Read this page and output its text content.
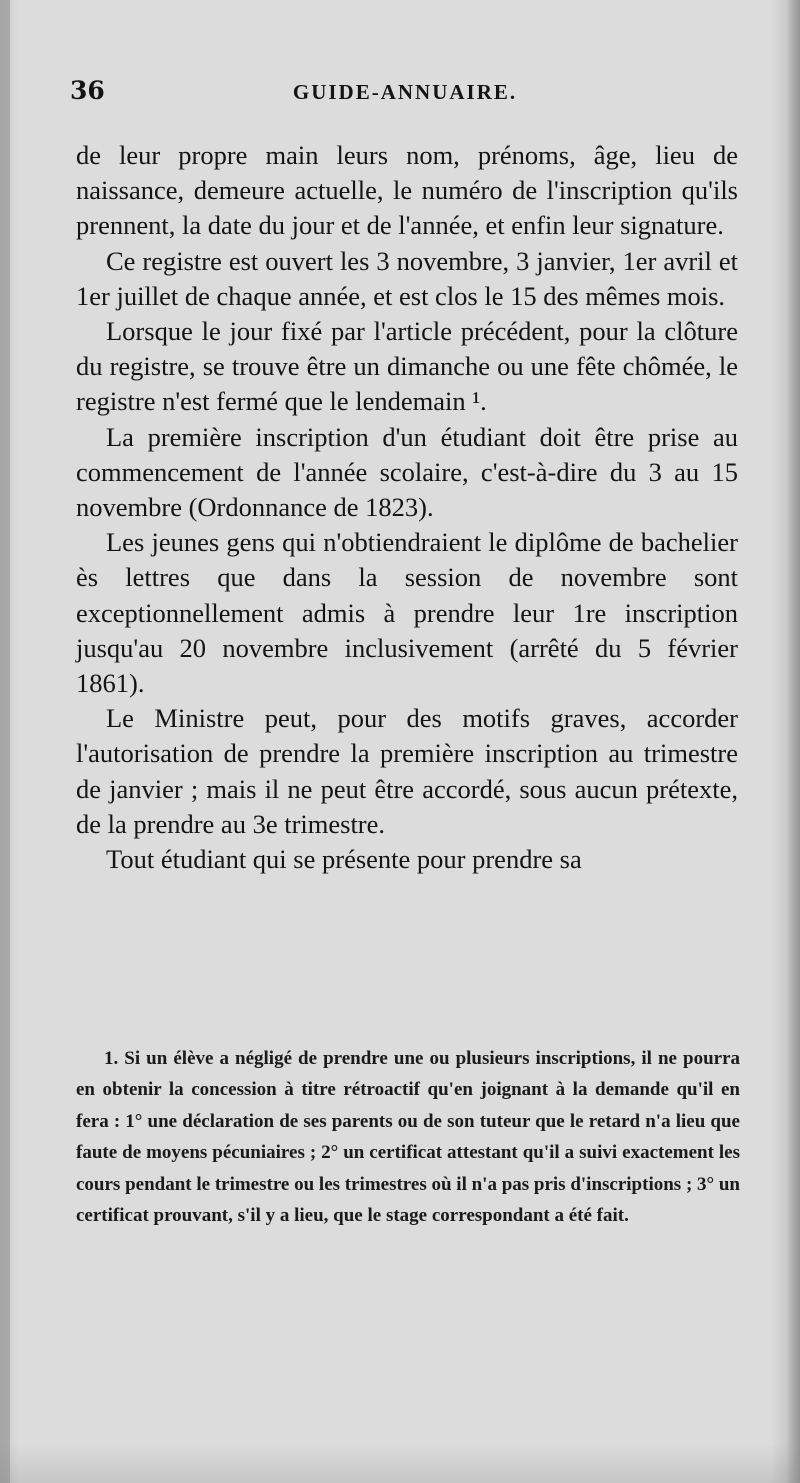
36	GUIDE-ANNUAIRE.

de leur propre main leurs nom, prénoms, âge, lieu de naissance, demeure actuelle, le numéro de l'inscription qu'ils prennent, la date du jour et de l'année, et enfin leur signature.

Ce registre est ouvert les 3 novembre, 3 janvier, 1er avril et 1er juillet de chaque année, et est clos le 15 des mêmes mois.

Lorsque le jour fixé par l'article précédent, pour la clôture du registre, se trouve être un dimanche ou une fête chômée, le registre n'est fermé que le lendemain ¹.

La première inscription d'un étudiant doit être prise au commencement de l'année scolaire, c'est-à-dire du 3 au 15 novembre (Ordonnance de 1823).

Les jeunes gens qui n'obtiendraient le diplôme de bachelier ès lettres que dans la session de novembre sont exceptionnellement admis à prendre leur 1re inscription jusqu'au 20 novembre inclusivement (arrêté du 5 février 1861).

Le Ministre peut, pour des motifs graves, accorder l'autorisation de prendre la première inscription au trimestre de janvier ; mais il ne peut être accordé, sous aucun prétexte, de la prendre au 3e trimestre.

Tout étudiant qui se présente pour prendre sa

1. Si un élève a négligé de prendre une ou plusieurs inscriptions, il ne pourra en obtenir la concession à titre rétroactif qu'en joignant à la demande qu'il en fera : 1° une déclaration de ses parents ou de son tuteur que le retard n'a lieu que faute de moyens pécuniaires ; 2° un certificat attestant qu'il a suivi exactement les cours pendant le trimestre ou les trimestres où il n'a pas pris d'inscriptions ; 3° un certificat prouvant, s'il y a lieu, que le stage correspondant a été fait.
